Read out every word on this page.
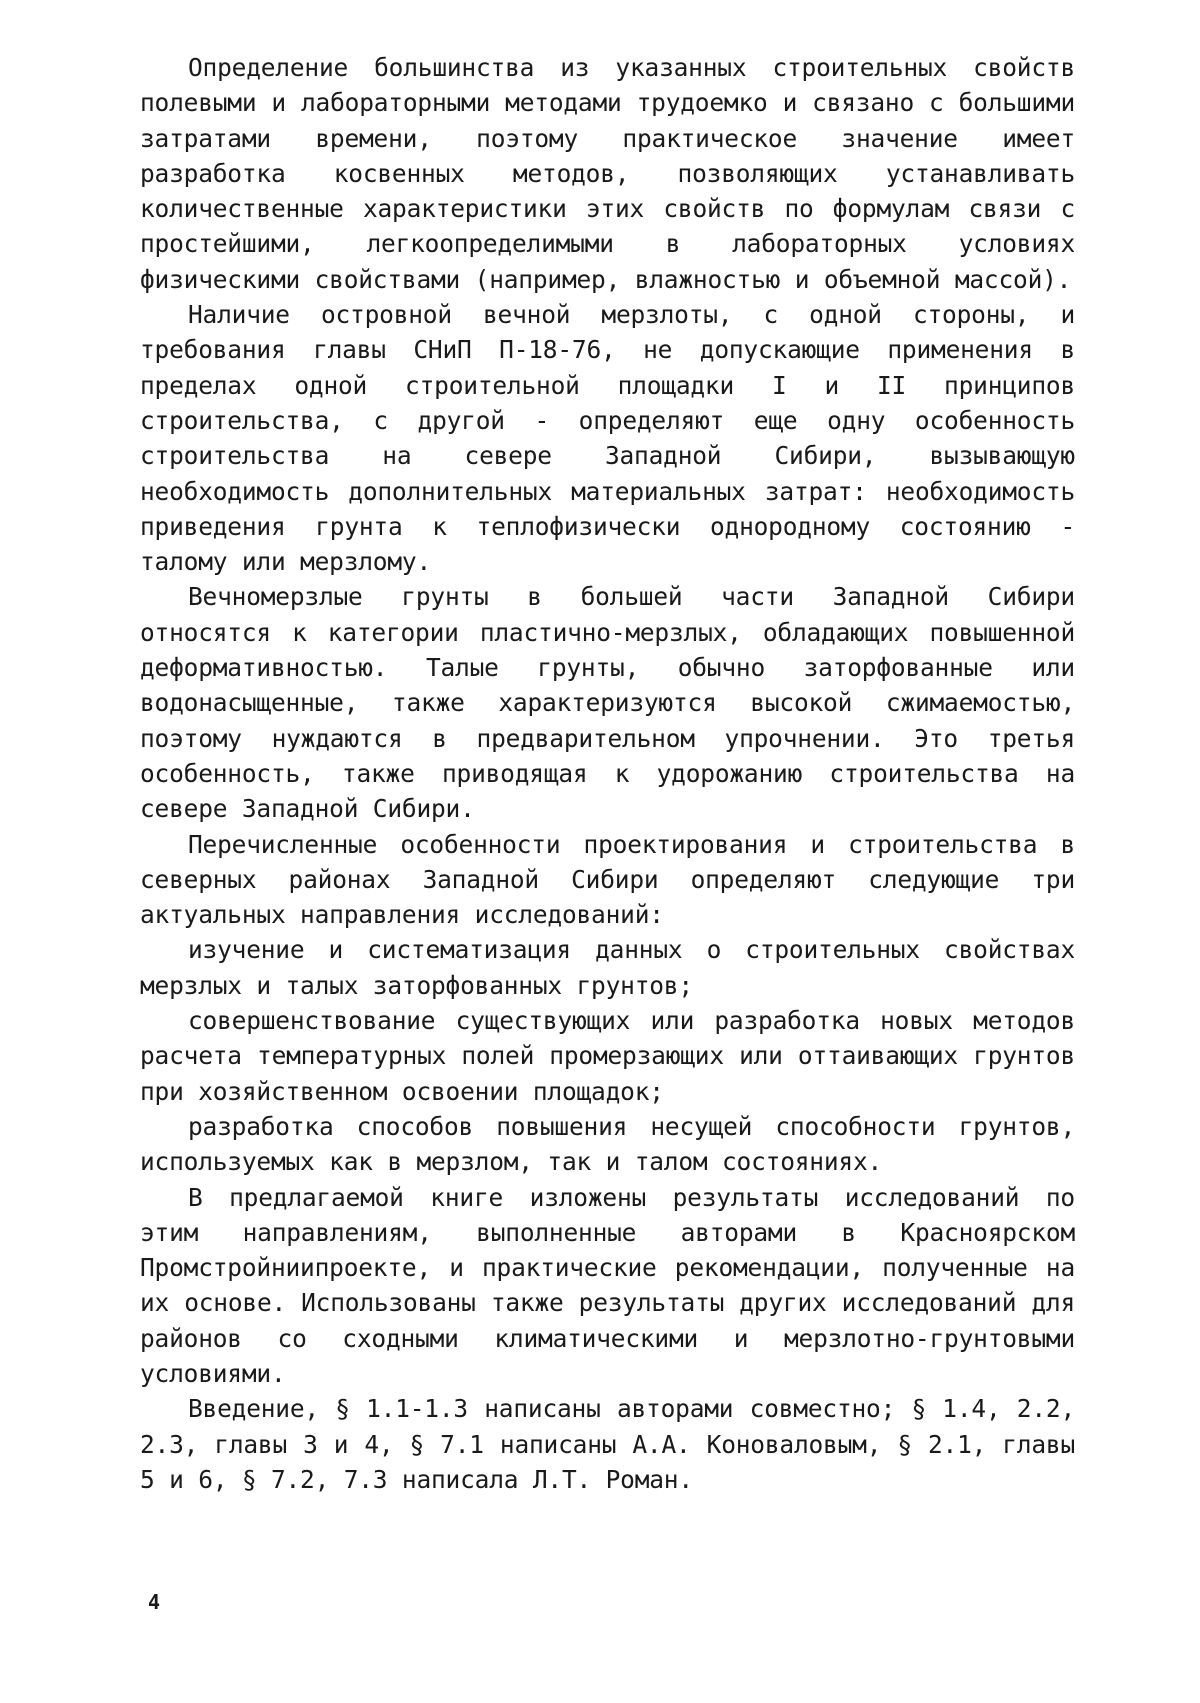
Определение большинства из указанных строительных свойств полевыми и лабораторными методами трудоемко и связано с большими затратами времени, поэтому практическое значение имеет разработка косвенных методов, позволяющих устанавливать количественные характеристики этих свойств по формулам связи с простейшими, легкоопределимыми в лабораторных условиях физическими свойствами (например, влажностью и объемной массой).

Наличие островной вечной мерзлоты, с одной стороны, и требования главы СНиП П-18-76, не допускающие применения в пределах одной строительной площадки I и II принципов строительства, с другой - определяют еще одну особенность строительства на севере Западной Сибири, вызывающую необходимость дополнительных материальных затрат: необходимость приведения грунта к теплофизически однородному состоянию - талому или мерзлому.

Вечномерзлые грунты в большей части Западной Сибири относятся к категории пластично-мерзлых, обладающих повышенной деформативностью. Талые грунты, обычно заторфованные или водонасыщенные, также характеризуются высокой сжимаемостью, поэтому нуждаются в предварительном упрочнении. Это третья особенность, также приводящая к удорожанию строительства на севере Западной Сибири.

Перечисленные особенности проектирования и строительства в северных районах Западной Сибири определяют следующие три актуальных направления исследований:

изучение и систематизация данных о строительных свойствах мерзлых и талых заторфованных грунтов;

совершенствование существующих или разработка новых методов расчета температурных полей промерзающих или оттаивающих грунтов при хозяйственном освоении площадок;

разработка способов повышения несущей способности грунтов, используемых как в мерзлом, так и талом состояниях.

В предлагаемой книге изложены результаты исследований по этим направлениям, выполненные авторами в Красноярском Промстройниипроекте, и практические рекомендации, полученные на их основе. Использованы также результаты других исследований для районов со сходными климатическими и мерзлотно-грунтовыми условиями.

Введение, § 1.1-1.3 написаны авторами совместно; § 1.4, 2.2, 2.3, главы 3 и 4, § 7.1 написаны А.А. Коноваловым, § 2.1, главы 5 и 6, § 7.2, 7.3 написала Л.Т. Роман.

4
